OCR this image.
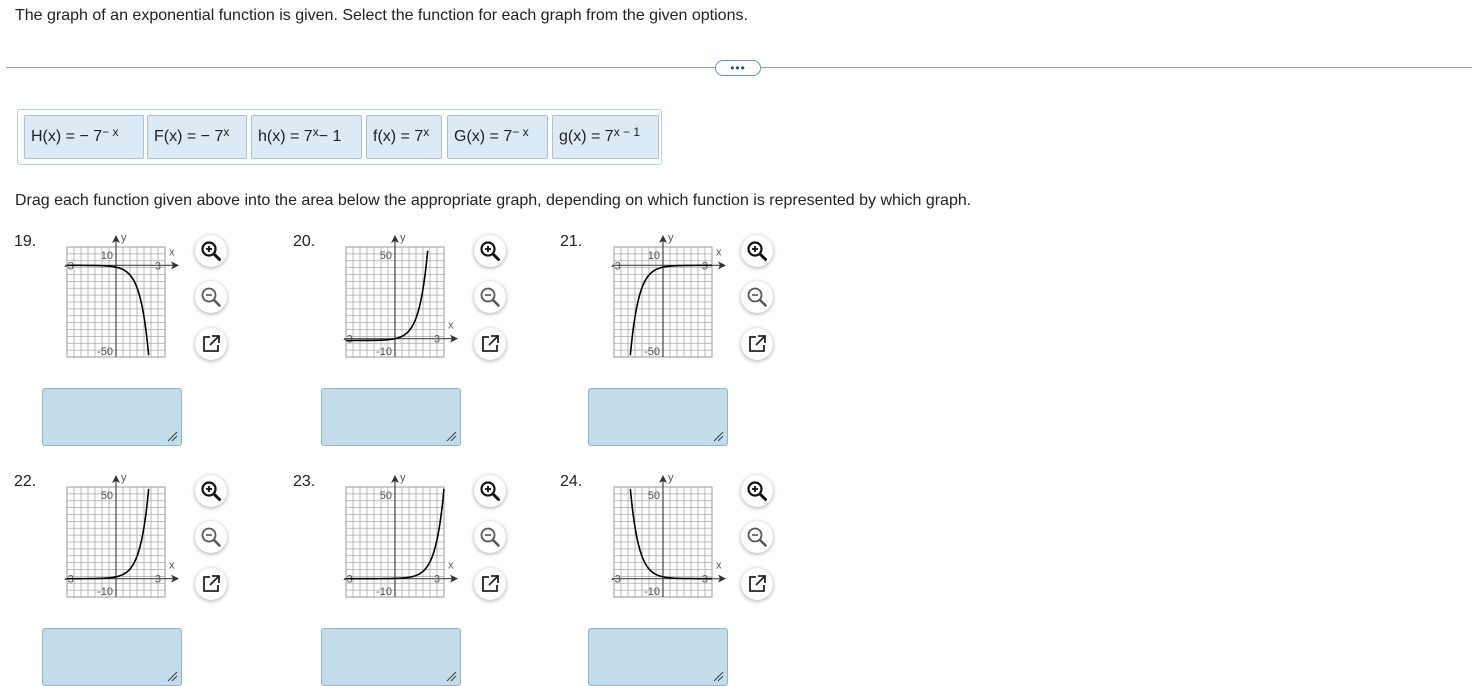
The graph of an exponential function is given. Select the function for each graph from the given options.
•••
H(x) = − $7^{- x}$ F(x) = − $7^x$ $h(x) = 7^x - 1$ $f(x) = 7^x$ $G(x) = 7^{- x}$ $g(x) = 7^{x - 1}$
Drag each function given above into the area below the appropriate graph, depending on which function is represented by which graph.
19.	y
10
-50
-3	3
x
20.	y
50
-10
-3	3
x
21.	y
10
-50
-3	3
x
22.	y
50
-10
-3	3
x
23.	y
50
-10
-3	3
x
24.	y
50
-10
-3	3
x
